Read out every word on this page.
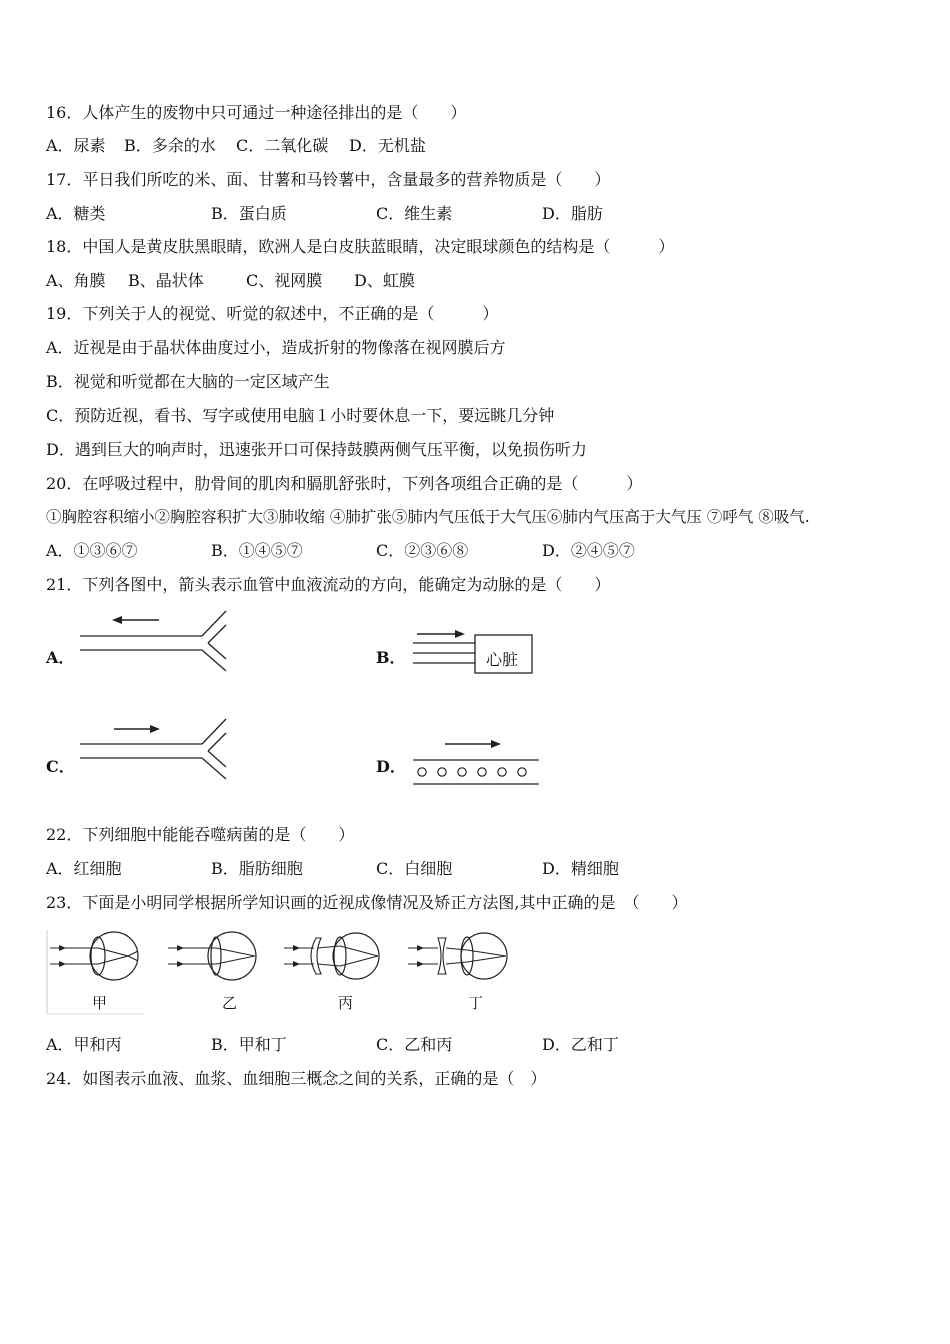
16．人体产生的废物中只可通过一种途径排出的是（　　）
A．尿素 B．多余的水 C．二氧化碳 D．无机盐
17．平日我们所吃的米、面、甘薯和马铃薯中，含量最多的营养物质是（　　）
A．糖类	B．蛋白质	C．维生素	D．脂肪
18．中国人是黄皮肤黑眼睛，欧洲人是白皮肤蓝眼睛，决定眼球颜色的结构是（　　　）
A、角膜 B、晶状体	C、视网膜 D、虹膜
19．下列关于人的视觉、听觉的叙述中，不正确的是（　　　）
A．近视是由于晶状体曲度过小，造成折射的物像落在视网膜后方
B．视觉和听觉都在大脑的一定区域产生
C．预防近视，看书、写字或使用电脑１小时要休息一下，要远眺几分钟
D．遇到巨大的响声时，迅速张开口可保持鼓膜两侧气压平衡，以免损伤听力
20．在呼吸过程中，肋骨间的肌肉和膈肌舒张时，下列各项组合正确的是（　　　）
①胸腔容积缩小②胸腔容积扩大③肺收缩 ④肺扩张⑤肺内气压低于大气压⑥肺内气压高于大气压 ⑦呼气 ⑧吸气.
A．①③⑥⑦	B．①④⑤⑦	C．②③⑥⑧	D．②④⑤⑦
21．下列各图中，箭头表示血管中血液流动的方向，能确定为动脉的是（　　）
A．	B．	心脏
C．	D．
22．下列细胞中能能吞噬病菌的是（　　）
A．红细胞	B．脂肪细胞	C．白细胞	D．精细胞
23．下面是小明同学根据所学知识画的近视成像情况及矫正方法图,其中正确的是　（　　）
甲	乙	丙	丁
A．甲和丙	B．甲和丁	C．乙和丙	D．乙和丁
24．如图表示血液、血浆、血细胞三概念之间的关系，正确的是（　）
